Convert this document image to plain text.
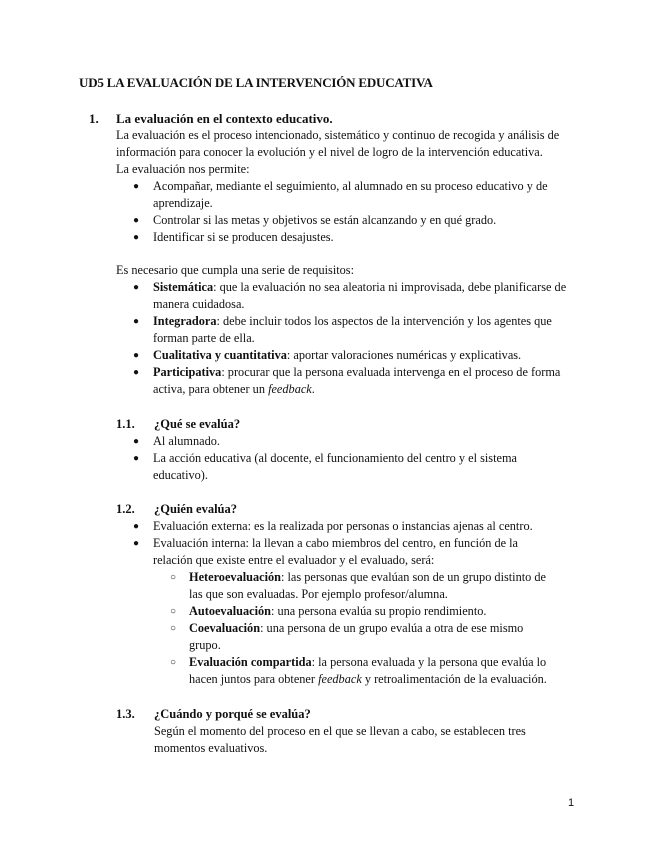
UD5 LA EVALUACIÓN DE LA INTERVENCIÓN EDUCATIVA
1.	La evaluación en el contexto educativo.

La evaluación es el proceso intencionado, sistemático y continuo de recogida y análisis de información para conocer la evolución y el nivel de logro de la intervención educativa.

La evaluación nos permite:

● Acompañar, mediante el seguimiento, al alumnado en su proceso educativo y de aprendizaje.
● Controlar si las metas y objetivos se están alcanzando y en qué grado.
● Identificar si se producen desajustes.

Es necesario que cumpla una serie de requisitos:

● Sistemática: que la evaluación no sea aleatoria ni improvisada, debe planificarse de manera cuidadosa.
● Integradora: debe incluir todos los aspectos de la intervención y los agentes que forman parte de ella.
● Cualitativa y cuantitativa: aportar valoraciones numéricas y explicativas.
● Participativa: procurar que la persona evaluada intervenga en el proceso de forma activa, para obtener un feedback.
1.1.	¿Qué se evalúa?
● Al alumnado.
● La acción educativa (al docente, el funcionamiento del centro y el sistema educativo).
1.2.	¿Quién evalúa?
● Evaluación externa: es la realizada por personas o instancias ajenas al centro.
● Evaluación interna: la llevan a cabo miembros del centro, en función de la relación que existe entre el evaluador y el evaluado, será:
○ Heteroevaluación: las personas que evalúan son de un grupo distinto de las que son evaluadas. Por ejemplo profesor/alumna.
○ Autoevaluación: una persona evalúa su propio rendimiento.
○ Coevaluación: una persona de un grupo evalúa a otra de ese mismo grupo.
○ Evaluación compartida: la persona evaluada y la persona que evalúa lo hacen juntos para obtener feedback y retroalimentación de la evaluación.
1.3.	¿Cuándo y porqué se evalúa?

Según el momento del proceso en el que se llevan a cabo, se establecen tres momentos evaluativos.

1
